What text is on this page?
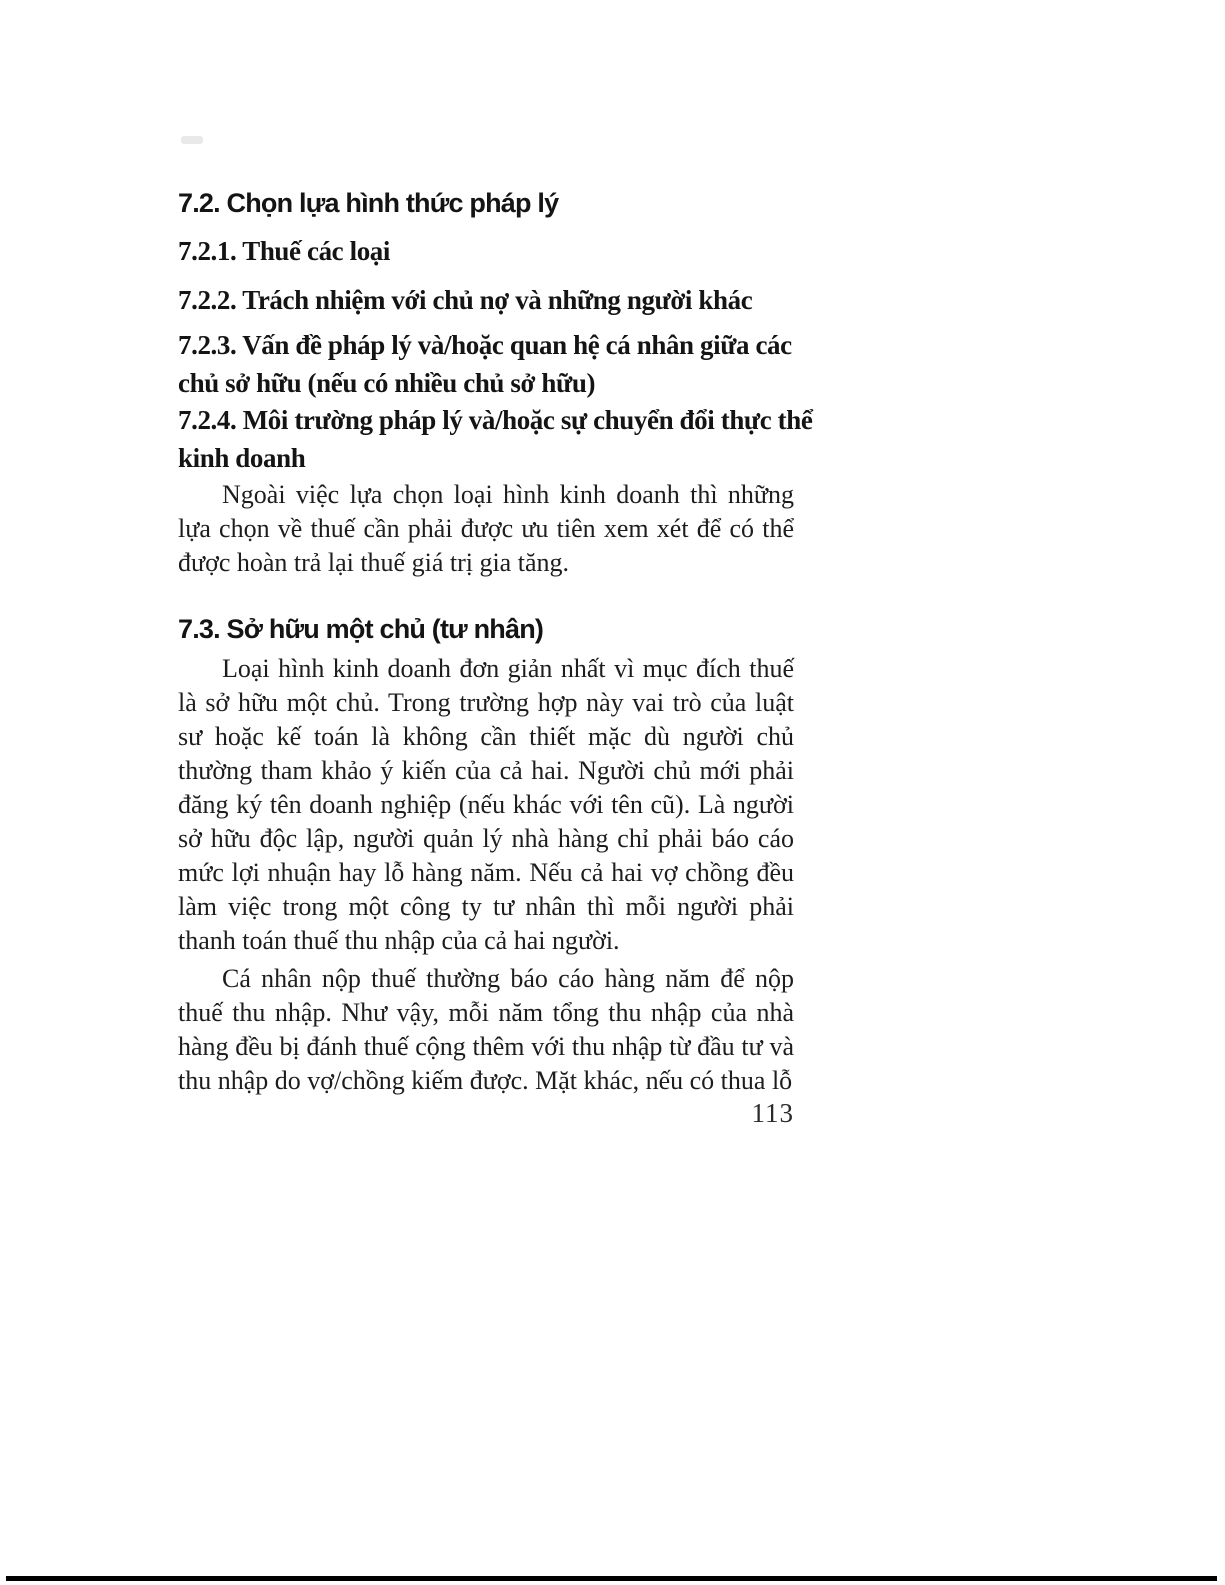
7.2. Chọn lựa hình thức pháp lý
7.2.1. Thuế các loại
7.2.2. Trách nhiệm với chủ nợ và những người khác
7.2.3. Vấn đề pháp lý và/hoặc quan hệ cá nhân giữa các chủ sở hữu (nếu có nhiều chủ sở hữu)
7.2.4. Môi trường pháp lý và/hoặc sự chuyển đổi thực thể kinh doanh

Ngoài việc lựa chọn loại hình kinh doanh thì những lựa chọn về thuế cần phải được ưu tiên xem xét để có thể được hoàn trả lại thuế giá trị gia tăng.

7.3. Sở hữu một chủ (tư nhân)

Loại hình kinh doanh đơn giản nhất vì mục đích thuế là sở hữu một chủ. Trong trường hợp này vai trò của luật sư hoặc kế toán là không cần thiết mặc dù người chủ thường tham khảo ý kiến của cả hai. Người chủ mới phải đăng ký tên doanh nghiệp (nếu khác với tên cũ). Là người sở hữu độc lập, người quản lý nhà hàng chỉ phải báo cáo mức lợi nhuận hay lỗ hàng năm. Nếu cả hai vợ chồng đều làm việc trong một công ty tư nhân thì mỗi người phải thanh toán thuế thu nhập của cả hai người.

Cá nhân nộp thuế thường báo cáo hàng năm để nộp thuế thu nhập. Như vậy, mỗi năm tổng thu nhập của nhà hàng đều bị đánh thuế cộng thêm với thu nhập từ đầu tư và thu nhập do vợ/chồng kiếm được. Mặt khác, nếu có thua lỗ

113
